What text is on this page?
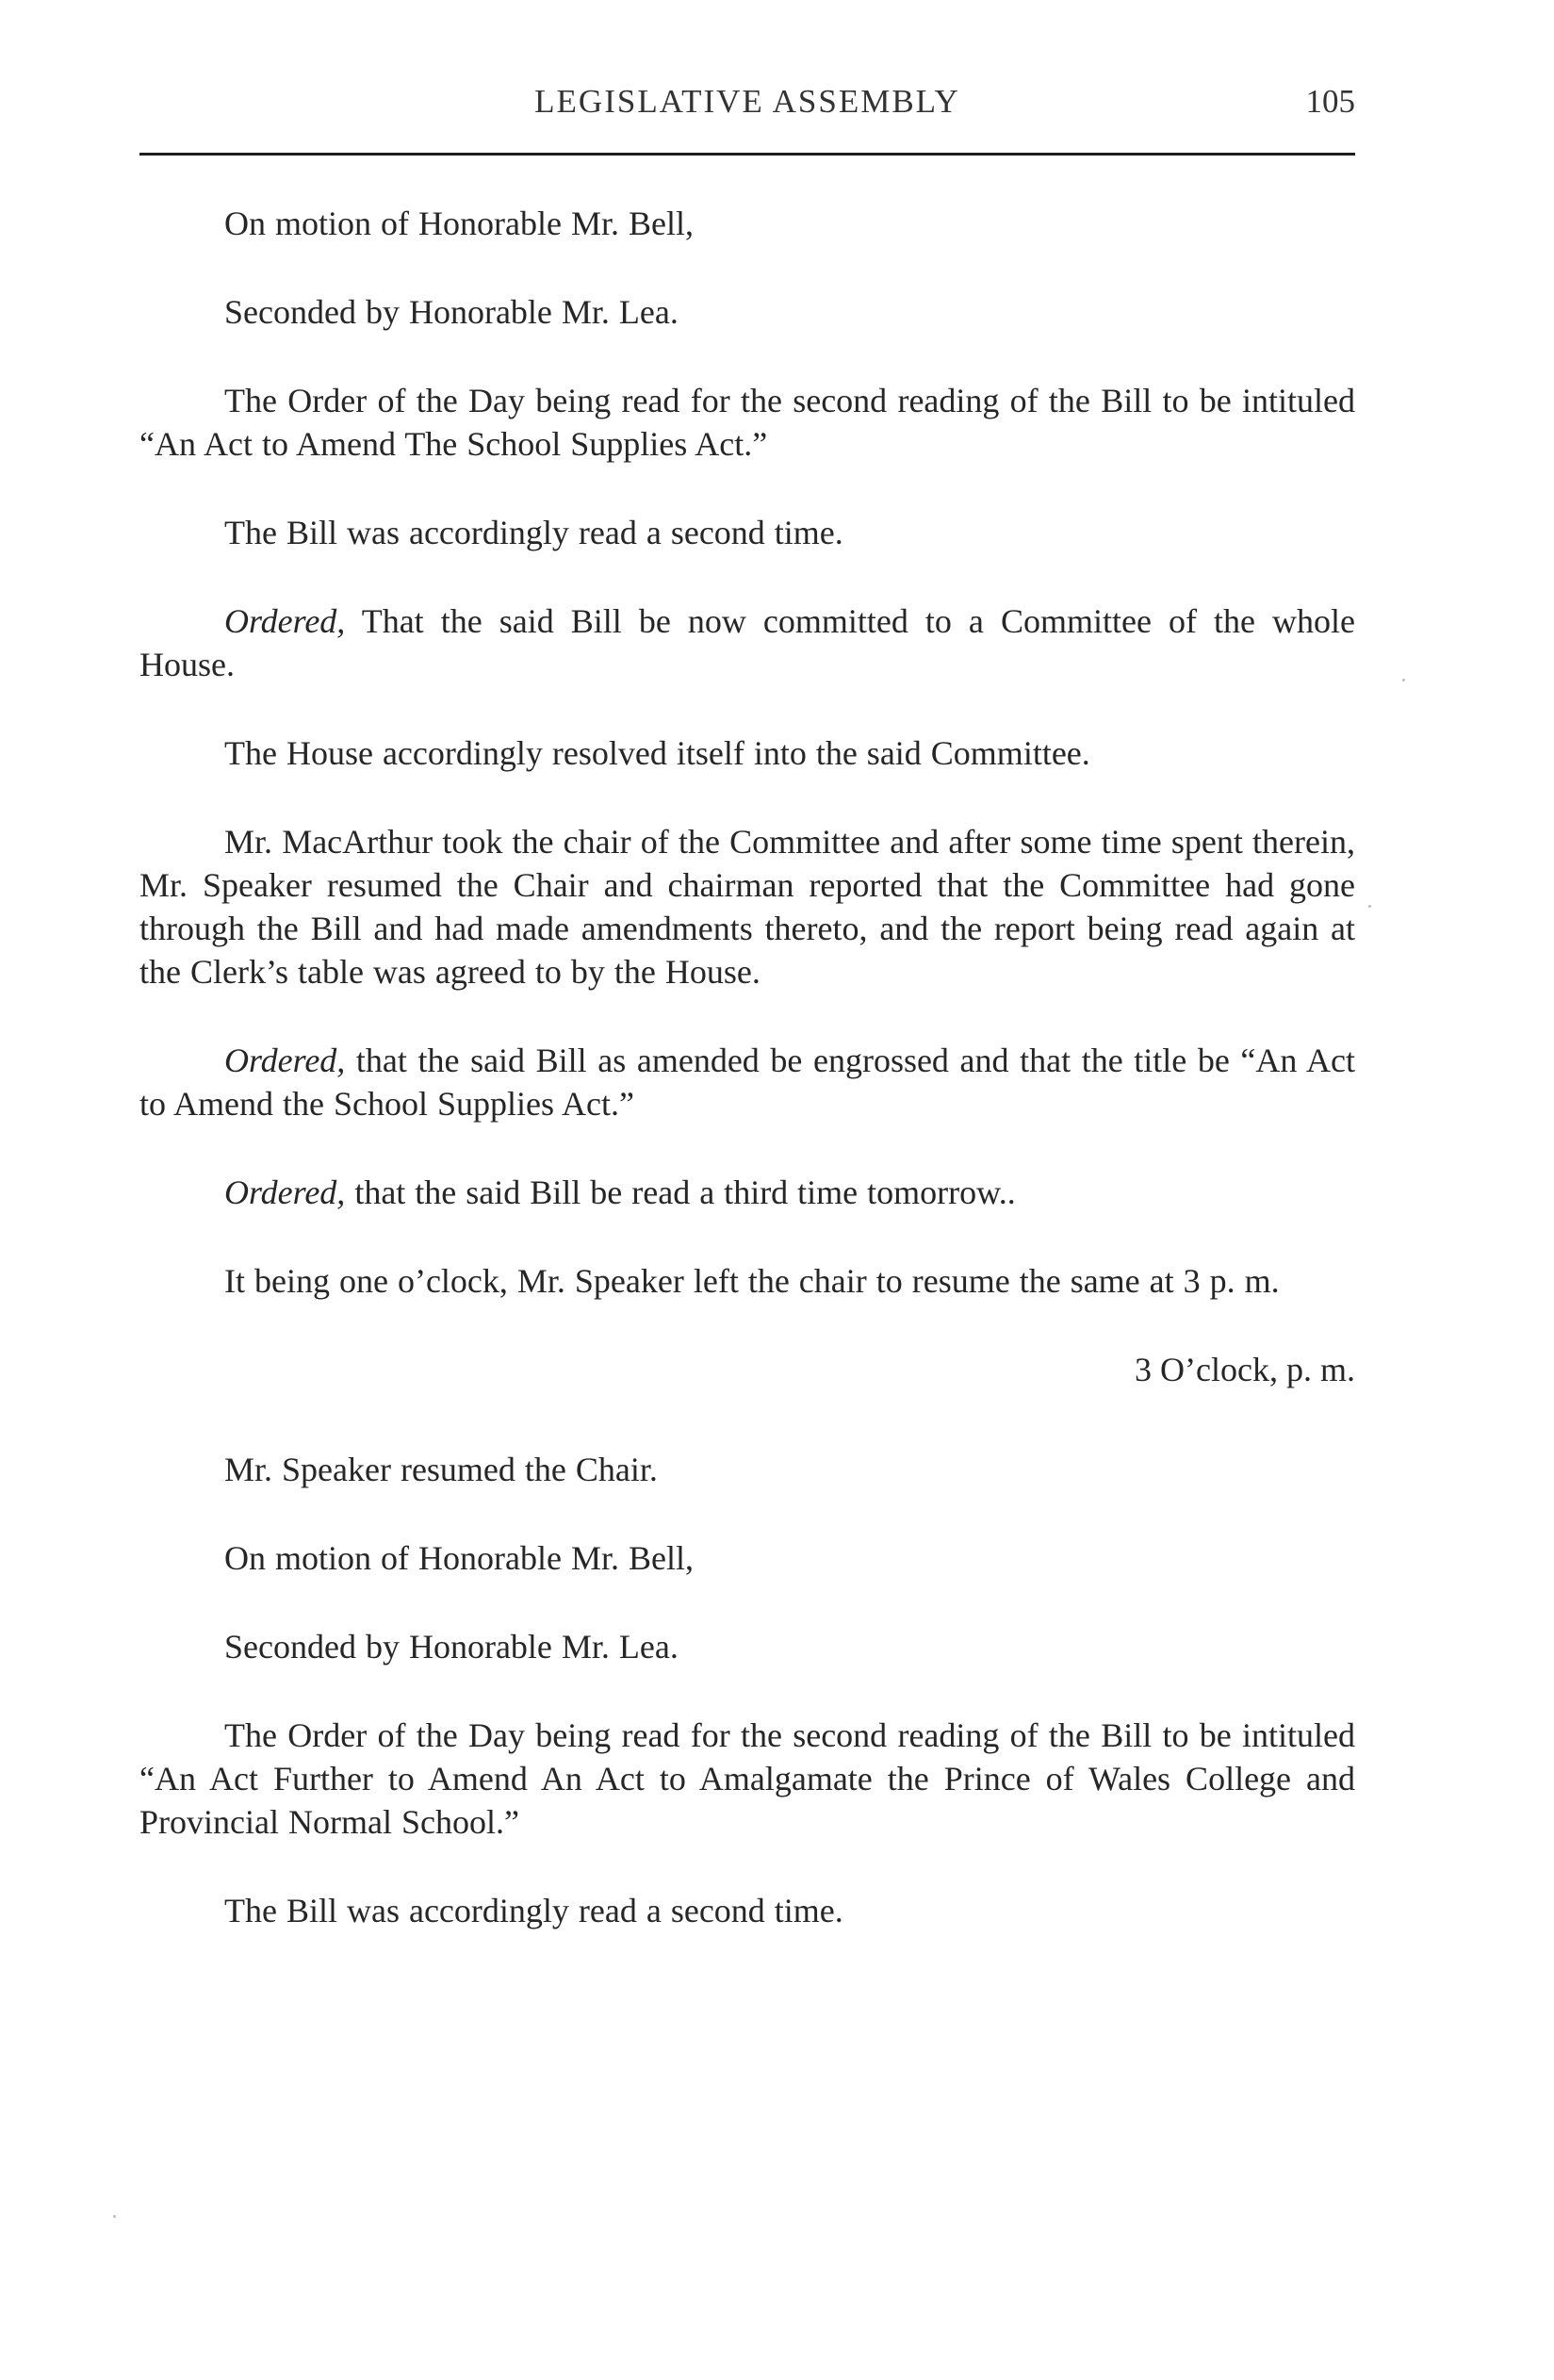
LEGISLATIVE ASSEMBLY	105

On motion of Honorable Mr. Bell,

Seconded by Honorable Mr. Lea.

The Order of the Day being read for the second reading of the Bill to be intituled “An Act to Amend The School Supplies Act.”

The Bill was accordingly read a second time.

Ordered, That the said Bill be now committed to a Committee of the whole House.

The House accordingly resolved itself into the said Committee.

Mr. MacArthur took the chair of the Committee and after some time spent therein, Mr. Speaker resumed the Chair and chairman reported that the Committee had gone through the Bill and had made amendments thereto, and the report being read again at the Clerk’s table was agreed to by the House.

Ordered, that the said Bill as amended be engrossed and that the title be “An Act to Amend the School Supplies Act.”

Ordered, that the said Bill be read a third time tomorrow..

It being one o’clock, Mr. Speaker left the chair to resume the same at 3 p. m.

3 O’clock, p. m.

Mr. Speaker resumed the Chair.

On motion of Honorable Mr. Bell,

Seconded by Honorable Mr. Lea.

The Order of the Day being read for the second reading of the Bill to be intituled “An Act Further to Amend An Act to Amalgamate the Prince of Wales College and Provincial Normal School.”

The Bill was accordingly read a second time.
